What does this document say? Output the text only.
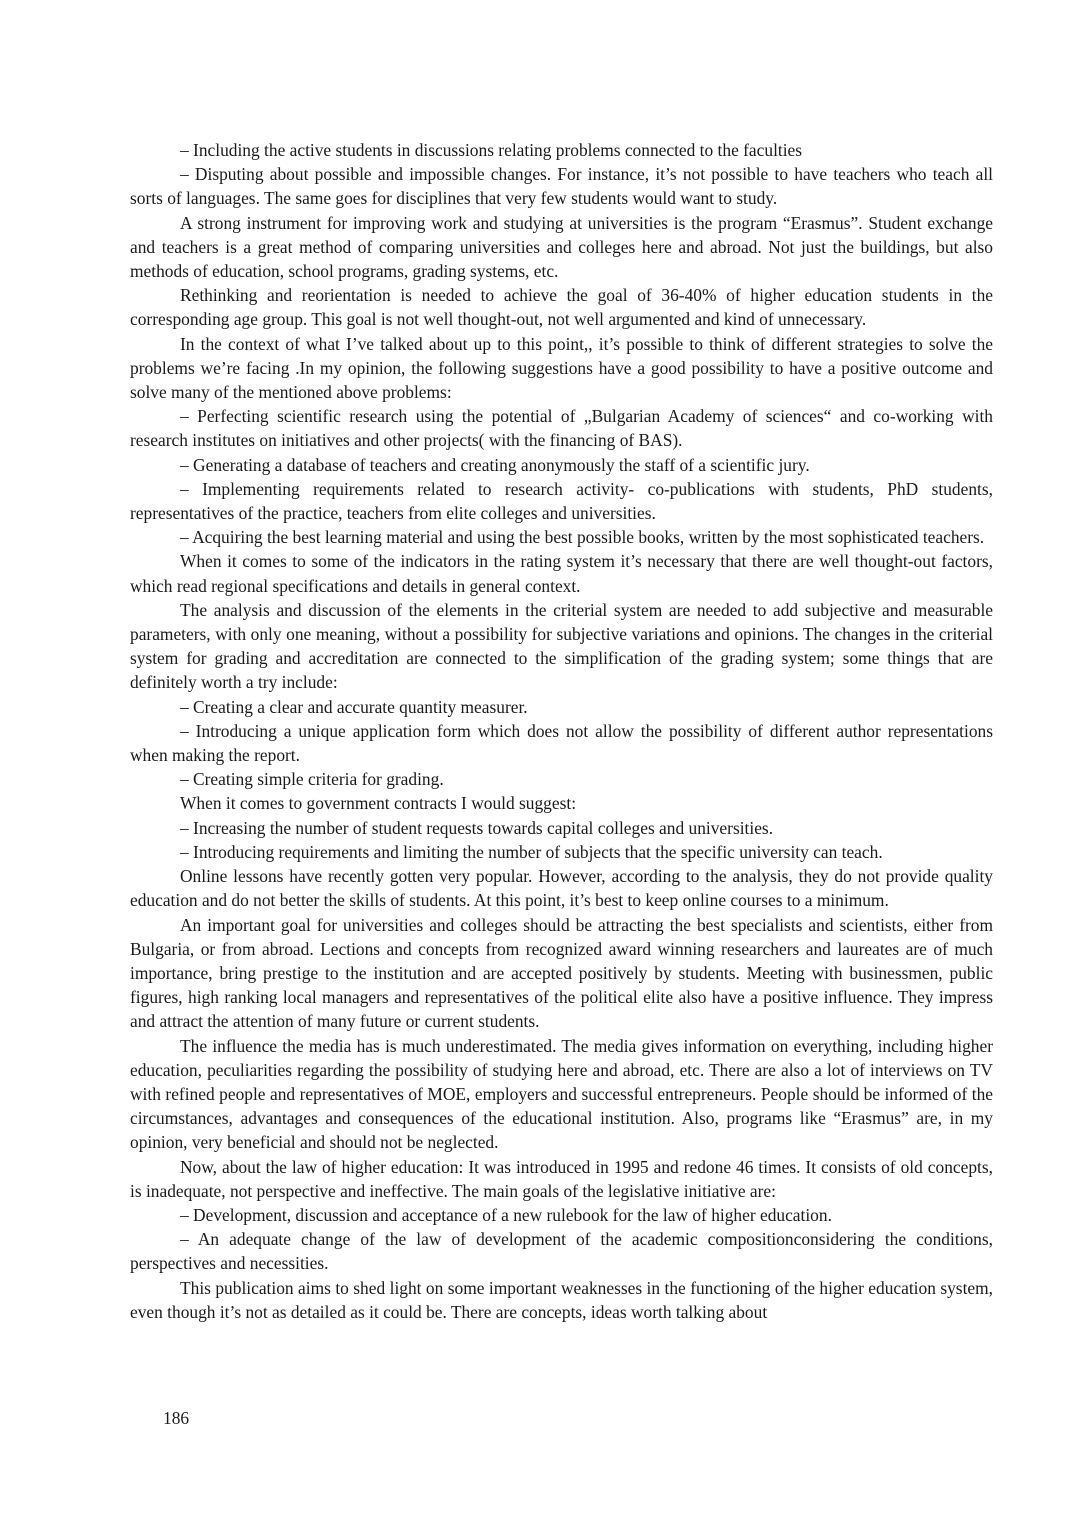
– Including the active students in discussions relating problems connected to the faculties

– Disputing about possible and impossible changes. For instance, it’s not possible to have teachers who teach all sorts of languages. The same goes for disciplines that very few students would want to study.

A strong instrument for improving work and studying at universities is the program “Erasmus”. Student exchange and teachers is a great method of comparing universities and colleges here and abroad. Not just the buildings, but also methods of education, school programs, grading systems, etc.

Rethinking and reorientation is needed to achieve the goal of 36-40% of higher education students in the corresponding age group. This goal is not well thought-out, not well argumented and kind of unnecessary.

In the context of what I’ve talked about up to this point,, it’s possible to think of different strategies to solve the problems we’re facing .In my opinion, the following suggestions have a good possibility to have a positive outcome and solve many of the mentioned above problems:

– Perfecting scientific research using the potential of „Bulgarian Academy of sciences“ and co-working with research institutes on initiatives and other projects( with the financing of BAS).

– Generating a database of teachers and creating anonymously the staff of a scientific jury.

– Implementing requirements related to research activity- co-publications with students, PhD students, representatives of the practice, teachers from elite colleges and universities.

– Acquiring the best learning material and using the best possible books, written by the most sophisticated teachers.

When it comes to some of the indicators in the rating system it’s necessary that there are well thought-out factors, which read regional specifications and details in general context.

The analysis and discussion of the elements in the criterial system are needed to add subjective and measurable parameters, with only one meaning, without a possibility for subjective variations and opinions. The changes in the criterial system for grading and accreditation are connected to the simplification of the grading system; some things that are definitely worth a try include:

– Creating a clear and accurate quantity measurer.

– Introducing a unique application form which does not allow the possibility of different author representations when making the report.

– Creating simple criteria for grading.

When it comes to government contracts I would suggest:

– Increasing the number of student requests towards capital colleges and universities.

– Introducing requirements and limiting the number of subjects that the specific university can teach.

Online lessons have recently gotten very popular. However, according to the analysis, they do not provide quality education and do not better the skills of students. At this point, it’s best to keep online courses to a minimum.

An important goal for universities and colleges should be attracting the best specialists and scientists, either from Bulgaria, or from abroad. Lections and concepts from recognized award winning researchers and laureates are of much importance, bring prestige to the institution and are accepted positively by students. Meeting with businessmen, public figures, high ranking local managers and representatives of the political elite also have a positive influence. They impress and attract the attention of many future or current students.

The influence the media has is much underestimated. The media gives information on everything, including higher education, peculiarities regarding the possibility of studying here and abroad, etc. There are also a lot of interviews on TV with refined people and representatives of MOE, employers and successful entrepreneurs. People should be informed of the circumstances, advantages and consequences of the educational institution. Also, programs like “Erasmus” are, in my opinion, very beneficial and should not be neglected.

Now, about the law of higher education: It was introduced in 1995 and redone 46 times. It consists of old concepts, is inadequate, not perspective and ineffective. The main goals of the legislative initiative are:

– Development, discussion and acceptance of a new rulebook for the law of higher education.

– An adequate change of the law of development of the academic compositionconsidering the conditions, perspectives and necessities.

This publication aims to shed light on some important weaknesses in the functioning of the higher education system, even though it’s not as detailed as it could be. There are concepts, ideas worth talking about

186
